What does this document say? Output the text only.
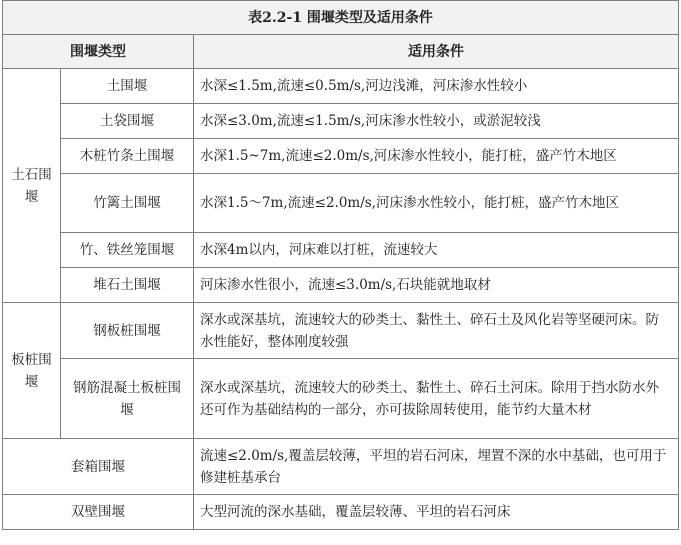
表2.2-1 围堰类型及适用条件		
围堰类型		适用条件
土石围堰	土围堰	水深≤1.5m,流速≤0.5m/s,河边浅滩，河床渗水性较小
	土袋围堰	水深≤3.0m,流速≤1.5m/s,河床渗水性较小，或淤泥较浅
	木桩竹条土围堰	水深1.5~7m,流速≤2.0m/s,河床渗水性较小，能打桩，盛产竹木地区
	竹篱土围堰	水深1.5～7m,流速≤2.0m/s,河床渗水性较小，能打桩，盛产竹木地区
	竹、铁丝笼围堰	水深4m以内，河床难以打桩，流速较大
	堆石土围堰	河床渗水性很小，流速≤3.0m/s,石块能就地取材
板桩围堰	钢板桩围堰	深水或深基坑，流速较大的砂类土、黏性土、碎石土及风化岩等坚硬河床。防水性能好，整体刚度较强
	钢筋混凝土板桩围堰	深水或深基坑，流速较大的砂类土、黏性土、碎石土河床。除用于挡水防水外还可作为基础结构的一部分，亦可拔除周转使用，能节约大量木材
套箱围堰		流速≤2.0m/s,覆盖层较薄，平坦的岩石河床，埋置不深的水中基础，也可用于修建桩基承台
双壁围堰		大型河流的深水基础，覆盖层较薄、平坦的岩石河床
